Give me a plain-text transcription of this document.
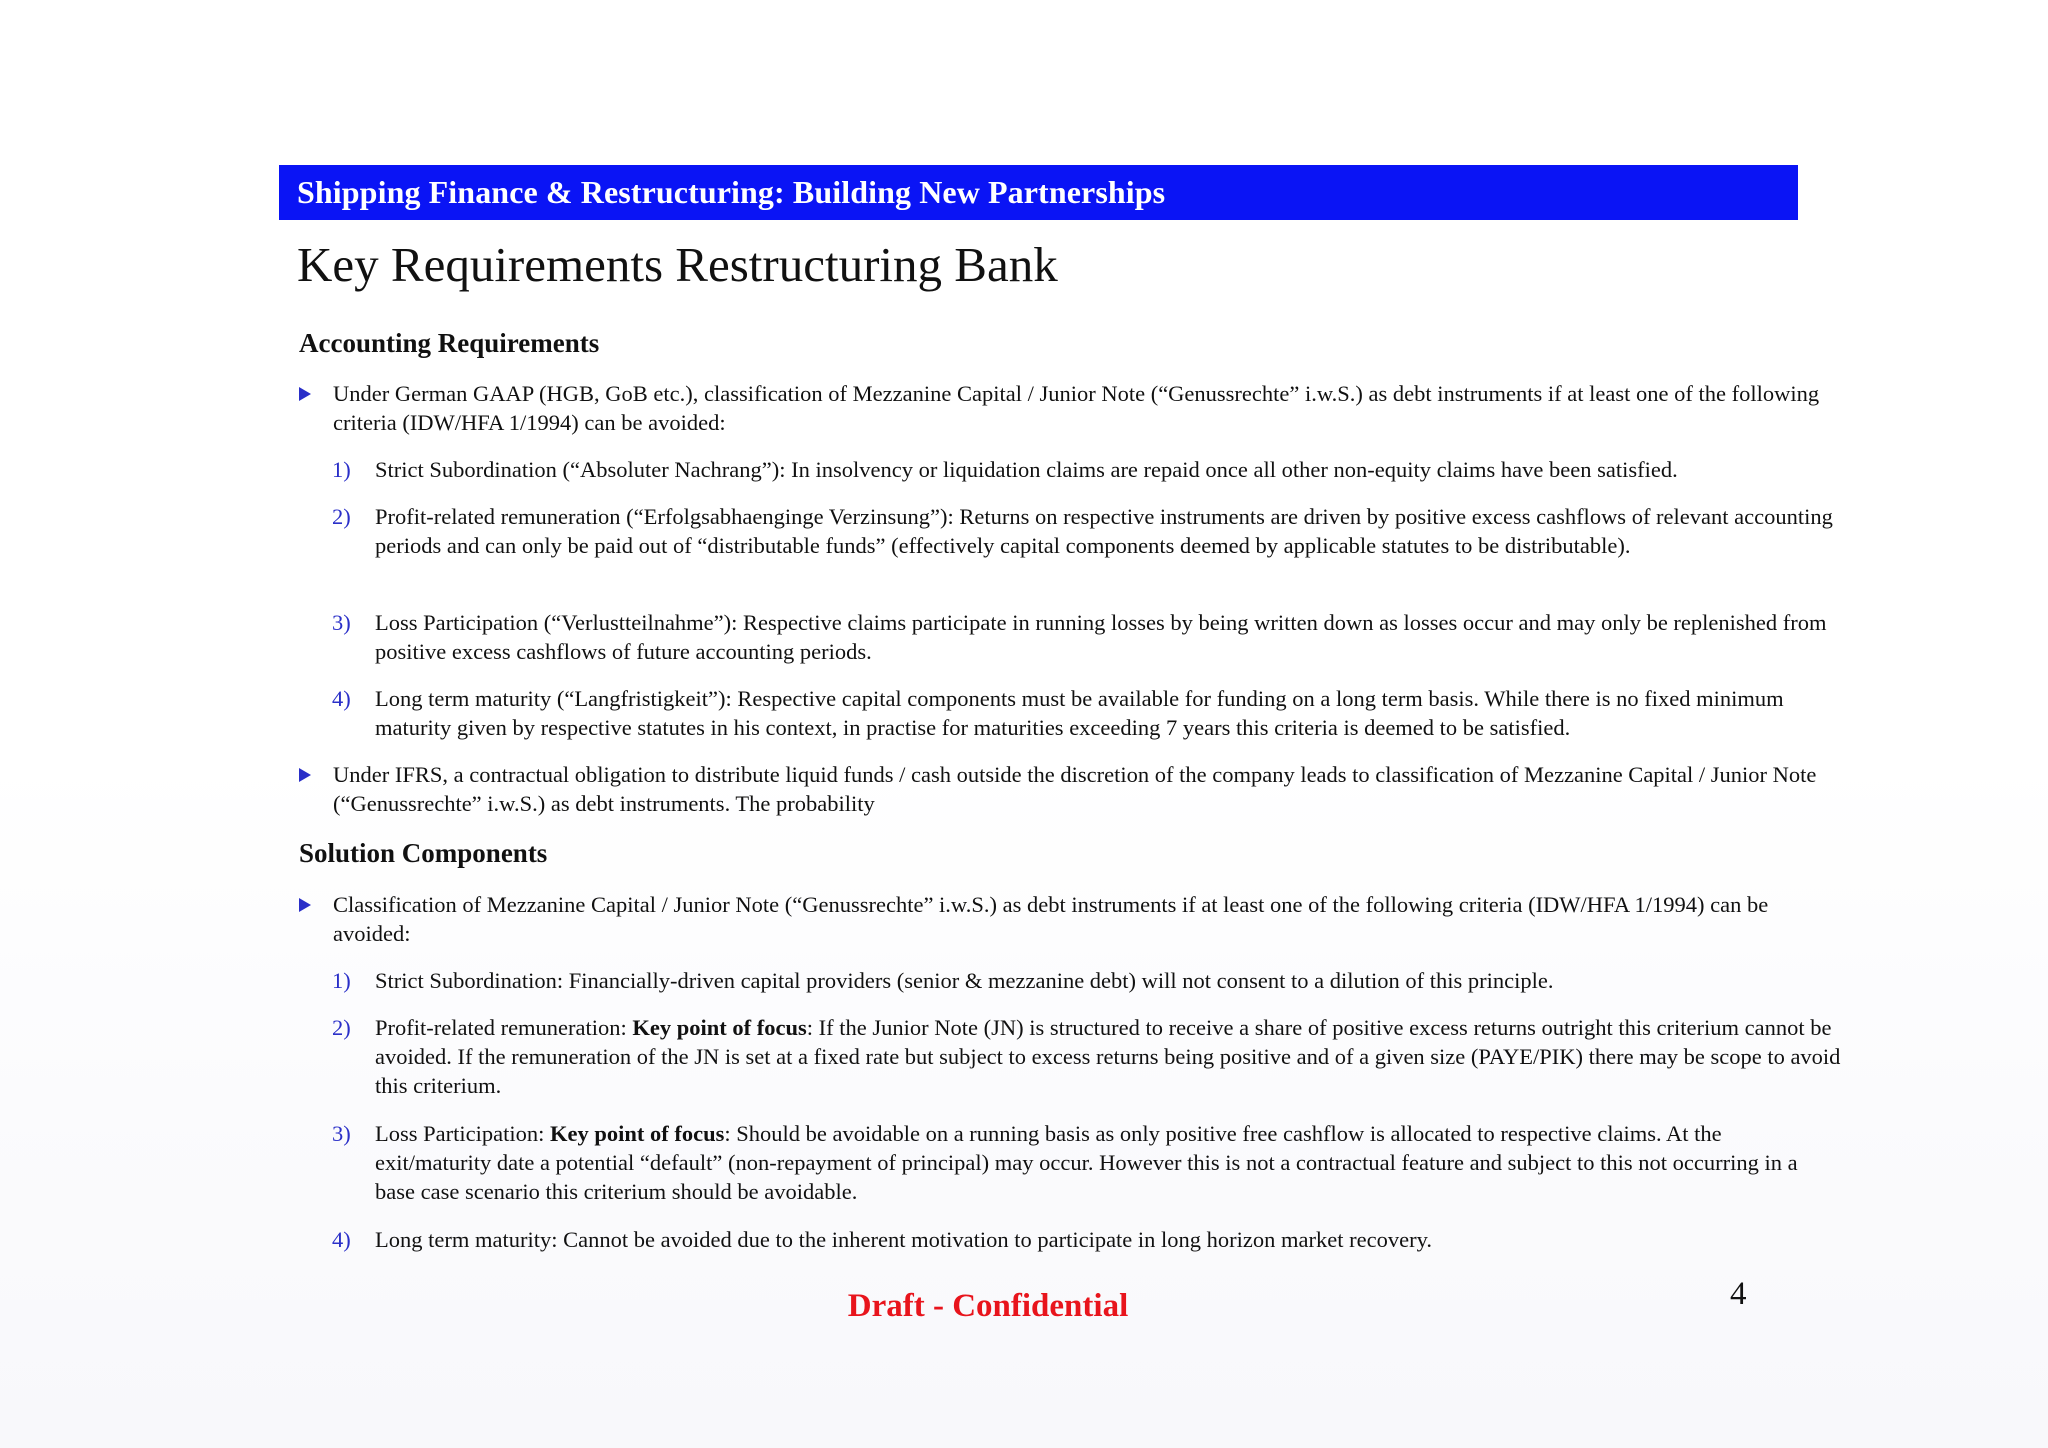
Shipping Finance & Restructuring: Building New Partnerships
Key Requirements Restructuring Bank
Accounting Requirements
Under German GAAP (HGB, GoB etc.), classification of Mezzanine Capital / Junior Note (“Genussrechte” i.w.S.) as debt instruments if at least one of the following criteria (IDW/HFA 1/1994) can be avoided:
1) Strict Subordination (“Absoluter Nachrang”): In insolvency or liquidation claims are repaid once all other non-equity claims have been satisfied.
2) Profit-related remuneration (“Erfolgsabhaenginge Verzinsung”): Returns on respective instruments are driven by positive excess cashflows of relevant accounting periods and can only be paid out of “distributable funds” (effectively capital components deemed by applicable statutes to be distributable).
3) Loss Participation (“Verlustteilnahme”): Respective claims participate in running losses by being written down as losses occur and may only be replenished from positive excess cashflows of future accounting periods.
4) Long term maturity (“Langfristigkeit”): Respective capital components must be available for funding on a long term basis. While there is no fixed minimum maturity given by respective statutes in his context, in practise for maturities exceeding 7 years this criteria is deemed to be satisfied.
Under IFRS, a contractual obligation to distribute liquid funds / cash outside the discretion of the company leads to classification of Mezzanine Capital / Junior Note (“Genussrechte” i.w.S.) as debt instruments. The probability
Solution Components
Classification of Mezzanine Capital / Junior Note (“Genussrechte” i.w.S.) as debt instruments if at least one of the following criteria (IDW/HFA 1/1994) can be avoided:
1) Strict Subordination: Financially-driven capital providers (senior & mezzanine debt) will not consent to a dilution of this principle.
2) Profit-related remuneration: Key point of focus: If the Junior Note (JN) is structured to receive a share of positive excess returns outright this criterium cannot be avoided. If the remuneration of the JN is set at a fixed rate but subject to excess returns being positive and of a given size (PAYE/PIK) there may be scope to avoid this criterium.
3) Loss Participation: Key point of focus: Should be avoidable on a running basis as only positive free cashflow is allocated to respective claims. At the exit/maturity date a potential “default” (non-repayment of principal) may occur. However this is not a contractual feature and subject to this not occurring in a base case scenario this criterium should be avoidable.
4) Long term maturity: Cannot be avoided due to the inherent motivation to participate in long horizon market recovery.
Draft - Confidential	4
